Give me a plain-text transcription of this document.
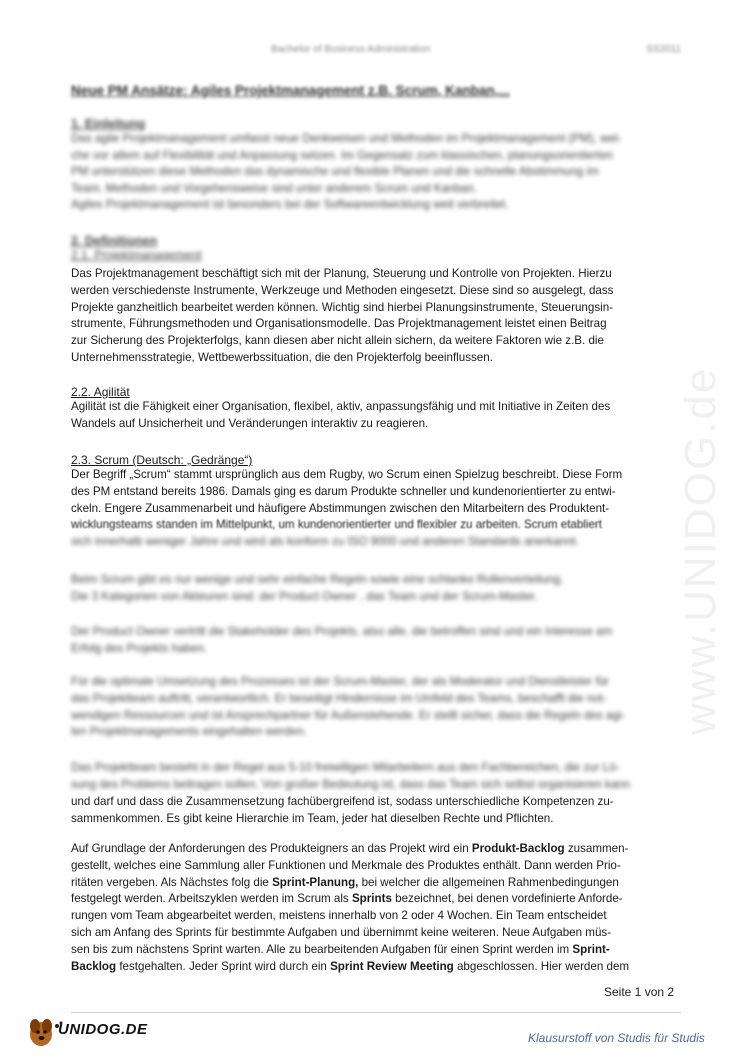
Bachelor of Business Administration	SS2011
Neue PM Ansätze: Agiles Projektmanagement z.B. Scrum, Kanban,...

1. Einleitung

Das agile Projektmanagement umfasst neue Denkweisen und Methoden im Projektmanagement (PM), wel-
che vor allem auf Flexibilität und Anpassung setzen. Im Gegensatz zum klassischen, planungsorientierten
PM unterstützen diese Methoden das dynamische und flexible Planen und die schnelle Abstimmung im
Team. Methoden und Vorgehensweise sind unter anderem Scrum und Kanban.
Agiles Projektmanagement ist besonders bei der Softwareentwicklung weit verbreitet.

2. Definitionen

2.1. Projektmanagement

Das Projektmanagement beschäftigt sich mit der Planung, Steuerung und Kontrolle von Projekten. Hierzu
werden verschiedenste Instrumente, Werkzeuge und Methoden eingesetzt. Diese sind so ausgelegt, dass
Projekte ganzheitlich bearbeitet werden können. Wichtig sind hierbei Planungsinstrumente, Steuerungsin-
strumente, Führungsmethoden und Organisationsmodelle. Das Projektmanagement leistet einen Beitrag
zur Sicherung des Projekterfolgs, kann diesen aber nicht allein sichern, da weitere Faktoren wie z.B. die
Unternehmensstrategie, Wettbewerbssituation, die den Projekterfolg beeinflussen.

2.2. Agilität

Agilität ist die Fähigkeit einer Organisation, flexibel, aktiv, anpassungsfähig und mit Initiative in Zeiten des
Wandels auf Unsicherheit und Veränderungen interaktiv zu reagieren.

2.3. Scrum (Deutsch: „Gedränge“)

Der Begriff „Scrum“ stammt ursprünglich aus dem Rugby, wo Scrum einen Spielzug beschreibt. Diese Form
des PM entstand bereits 1986. Damals ging es darum Produkte schneller und kundenorientierter zu entwi-
ckeln. Engere Zusammenarbeit und häufigere Abstimmungen zwischen den Mitarbeitern des Produktent-
wicklungsteams standen im Mittelpunkt, um kundenorientierter und flexibler zu arbeiten. Scrum etabliert
sich innerhalb weniger Jahre und wird als konform zu ISO 9000 und anderen Standards anerkannt.
Beim Scrum gibt es nur wenige und sehr einfache Regeln sowie eine schlanke Rollenverteilung.
Die 3 Kategorien von Akteuren sind: der Product Owner , das Team und der Scrum-Master.
Der Product Owner vertritt die Stakeholder des Projekts, also alle, die betroffen sind und ein Interesse am
Erfolg des Projekts haben.
Für die optimale Umsetzung des Prozesses ist der Scrum-Master, der als Moderator und Dienstleister für
das Projektteam auftritt, verantwortlich. Er beseitigt Hindernisse im Umfeld des Teams, beschafft die not-
wendigen Ressourcen und ist Ansprechpartner für Außenstehende. Er stellt sicher, dass die Regeln des agi-
len Projektmanagements eingehalten werden.
Das Projektteam besteht in der Regel aus 5-10 freiwilligen Mitarbeitern aus den Fachbereichen, die zur Lö-
sung des Problems beitragen sollen. Von großer Bedeutung ist, dass das Team sich selbst organisieren kann
und darf und dass die Zusammensetzung fachübergreifend ist, sodass unterschiedliche Kompetenzen zu-
sammenkommen. Es gibt keine Hierarchie im Team, jeder hat dieselben Rechte und Pflichten.
Auf Grundlage der Anforderungen des Produkteigners an das Projekt wird ein Produkt-Backlog zusammen-
gestellt, welches eine Sammlung aller Funktionen und Merkmale des Produktes enthält. Dann werden Prio-
ritäten vergeben. Als Nächstes folg die Sprint-Planung, bei welcher die allgemeinen Rahmenbedingungen
festgelegt werden. Arbeitszyklen werden im Scrum als Sprints bezeichnet, bei denen vordefinierte Anforde-
rungen vom Team abgearbeitet werden, meistens innerhalb von 2 oder 4 Wochen. Ein Team entscheidet
sich am Anfang des Sprints für bestimmte Aufgaben und übernimmt keine weiteren. Neue Aufgaben müs-
sen bis zum nächstens Sprint warten. Alle zu bearbeitenden Aufgaben für einen Sprint werden im Sprint-
Backlog festgehalten. Jeder Sprint wird durch ein Sprint Review Meeting abgeschlossen. Hier werden dem
Seite 1 von 2
UNIDOG.DE	Klausurstoff von Studis für Studis
www.UNIDOG.de
